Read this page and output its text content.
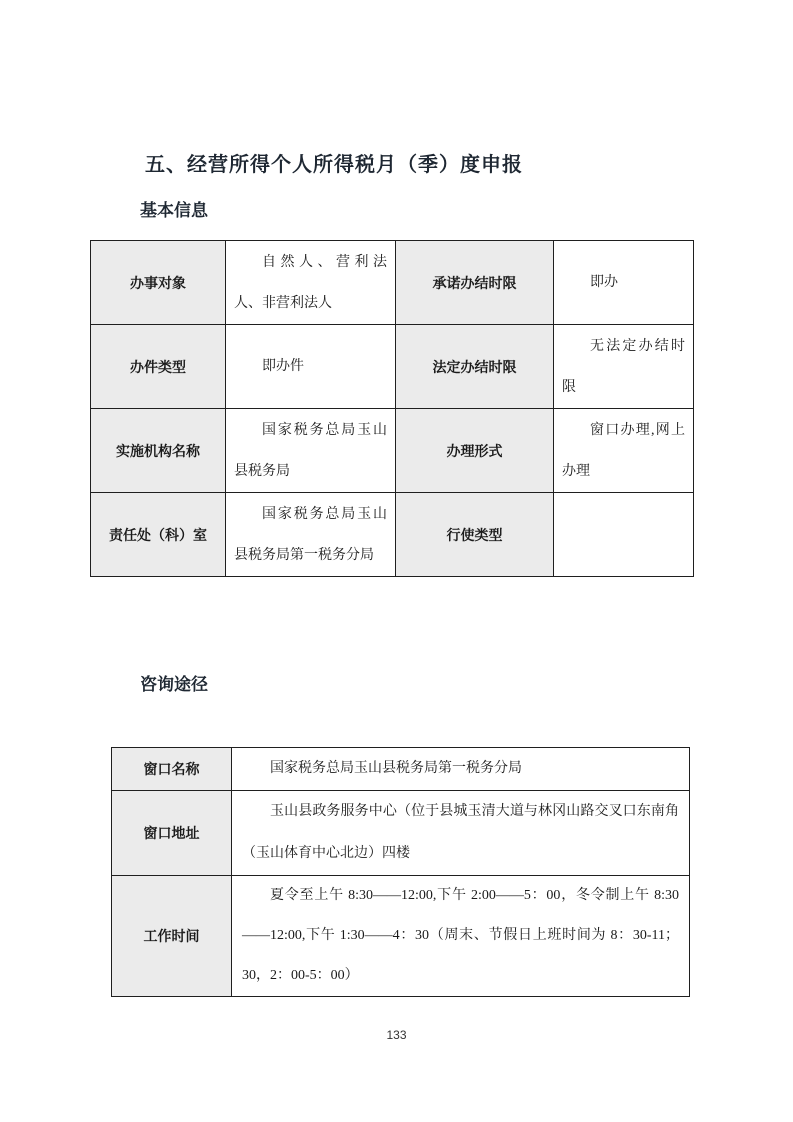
五、经营所得个人所得税月（季）度申报
基本信息
办事对象	自然人、营利法人、非营利法人	承诺办结时限	即办
办件类型	即办件	法定办结时限	无法定办结时限
实施机构名称	国家税务总局玉山县税务局	办理形式	窗口办理,网上办理
责任处（科）室	国家税务总局玉山县税务局第一税务分局	行使类型	
咨询途径
窗口名称	国家税务总局玉山县税务局第一税务分局
窗口地址	玉山县政务服务中心（位于县城玉清大道与林冈山路交叉口东南角（玉山体育中心北边）四楼
工作时间	夏令至上午 8:30——12:00,下午 2:00——5：00，冬令制上午 8:30——12:00,下午 1:30——4：30（周末、节假日上班时间为 8：30-11；30，2：00-5：00）
133
